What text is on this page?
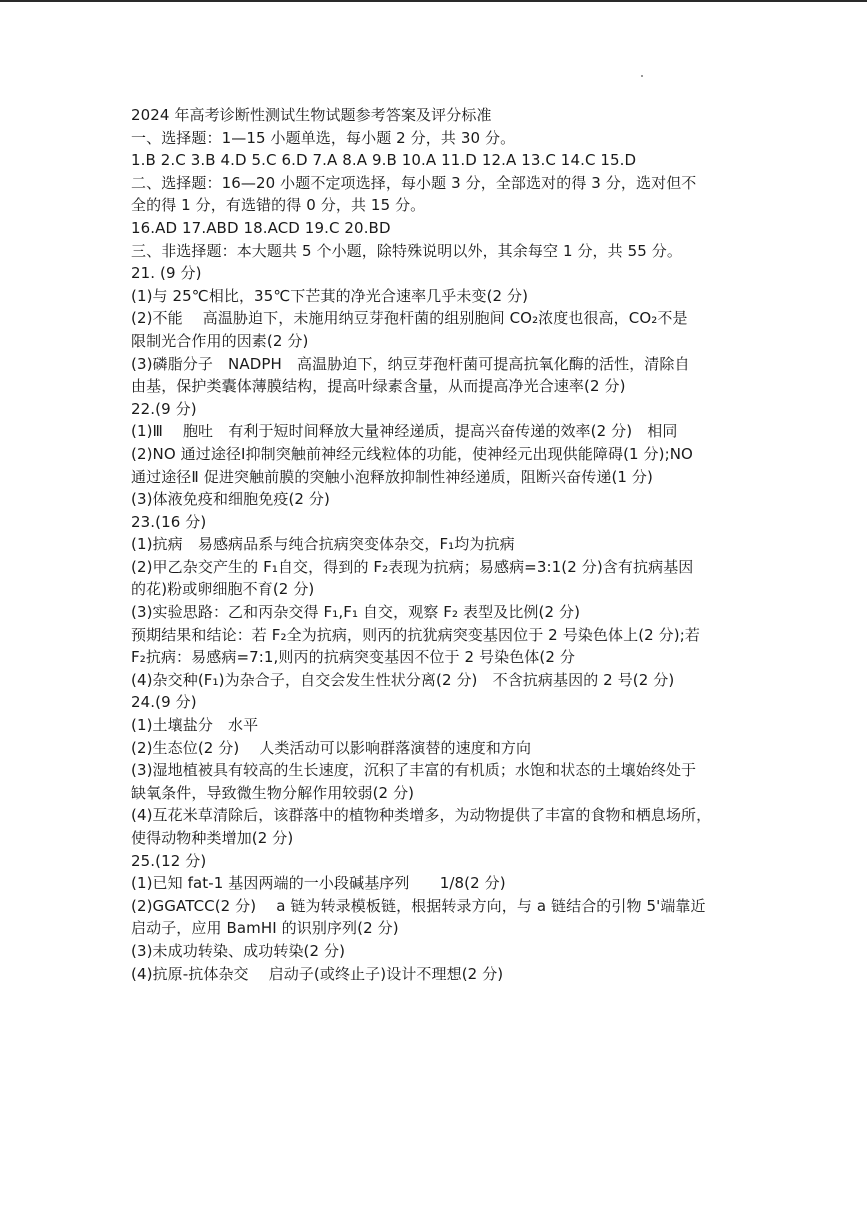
2024 年高考诊断性测试生物试题参考答案及评分标准
一、选择题：1—15 小题单选，每小题 2 分，共 30 分。
1.B 2.C 3.B 4.D 5.C 6.D 7.A 8.A 9.B 10.A 11.D 12.A 13.C 14.C 15.D
二、选择题：16—20 小题不定项选择，每小题 3 分，全部选对的得 3 分，选对但不
全的得 1 分，有选错的得 0 分，共 15 分。
16.AD 17.ABD 18.ACD 19.C 20.BD
三、非选择题：本大题共 5 个小题，除特殊说明以外，其余每空 1 分，共 55 分。
21. (9 分)
(1)与 25℃相比，35℃下芒萁的净光合速率几乎未变(2 分)
(2)不能　 高温胁迫下，未施用纳豆芽孢杆菌的组别胞间 CO₂浓度也很高，CO₂不是
限制光合作用的因素(2 分)
(3)磷脂分子　NADPH　高温胁迫下，纳豆芽孢杆菌可提高抗氧化酶的活性，清除自
由基，保护类囊体薄膜结构，提高叶绿素含量，从而提高净光合速率(2 分)
22.(9 分)
(1)Ⅲ　 胞吐　有利于短时间释放大量神经递质，提高兴奋传递的效率(2 分)　相同
(2)NO 通过途径Ⅰ抑制突触前神经元线粒体的功能，使神经元出现供能障碍(1 分);NO
通过途径Ⅱ 促进突触前膜的突触小泡释放抑制性神经递质，阻断兴奋传递(1 分)
(3)体液免疫和细胞免疫(2 分)
23.(16 分)
(1)抗病　易感病品系与纯合抗病突变体杂交，F₁均为抗病
(2)甲乙杂交产生的 F₁自交，得到的 F₂表现为抗病；易感病=3:1(2 分)含有抗病基因
的花)粉或卵细胞不育(2 分)
(3)实验思路：乙和丙杂交得 F₁,F₁ 自交，观察 F₂ 表型及比例(2 分)
预期结果和结论：若 F₂全为抗病，则丙的抗犹病突变基因位于 2 号染色体上(2 分);若
F₂抗病：易感病=7:1,则丙的抗病突变基因不位于 2 号染色体(2 分
(4)杂交种(F₁)为杂合子，自交会发生性状分离(2 分)　不含抗病基因的 2 号(2 分)
24.(9 分)
(1)土壤盐分　水平
(2)生态位(2 分)　 人类活动可以影响群落演替的速度和方向
(3)湿地植被具有较高的生长速度，沉积了丰富的有机质；水饱和状态的土壤始终处于
缺氧条件，导致微生物分解作用较弱(2 分)
(4)互花米草清除后，该群落中的植物种类增多，为动物提供了丰富的食物和栖息场所，
使得动物种类增加(2 分)
25.(12 分)
(1)已知 fat-1 基因两端的一小段碱基序列　　1/8(2 分)
(2)GGATCC(2 分)　 a 链为转录模板链，根据转录方向，与 a 链结合的引物 5'端靠近
启动子，应用 BamHI 的识别序列(2 分)
(3)未成功转染、成功转染(2 分)
(4)抗原-抗体杂交　 启动子(或终止子)设计不理想(2 分)
